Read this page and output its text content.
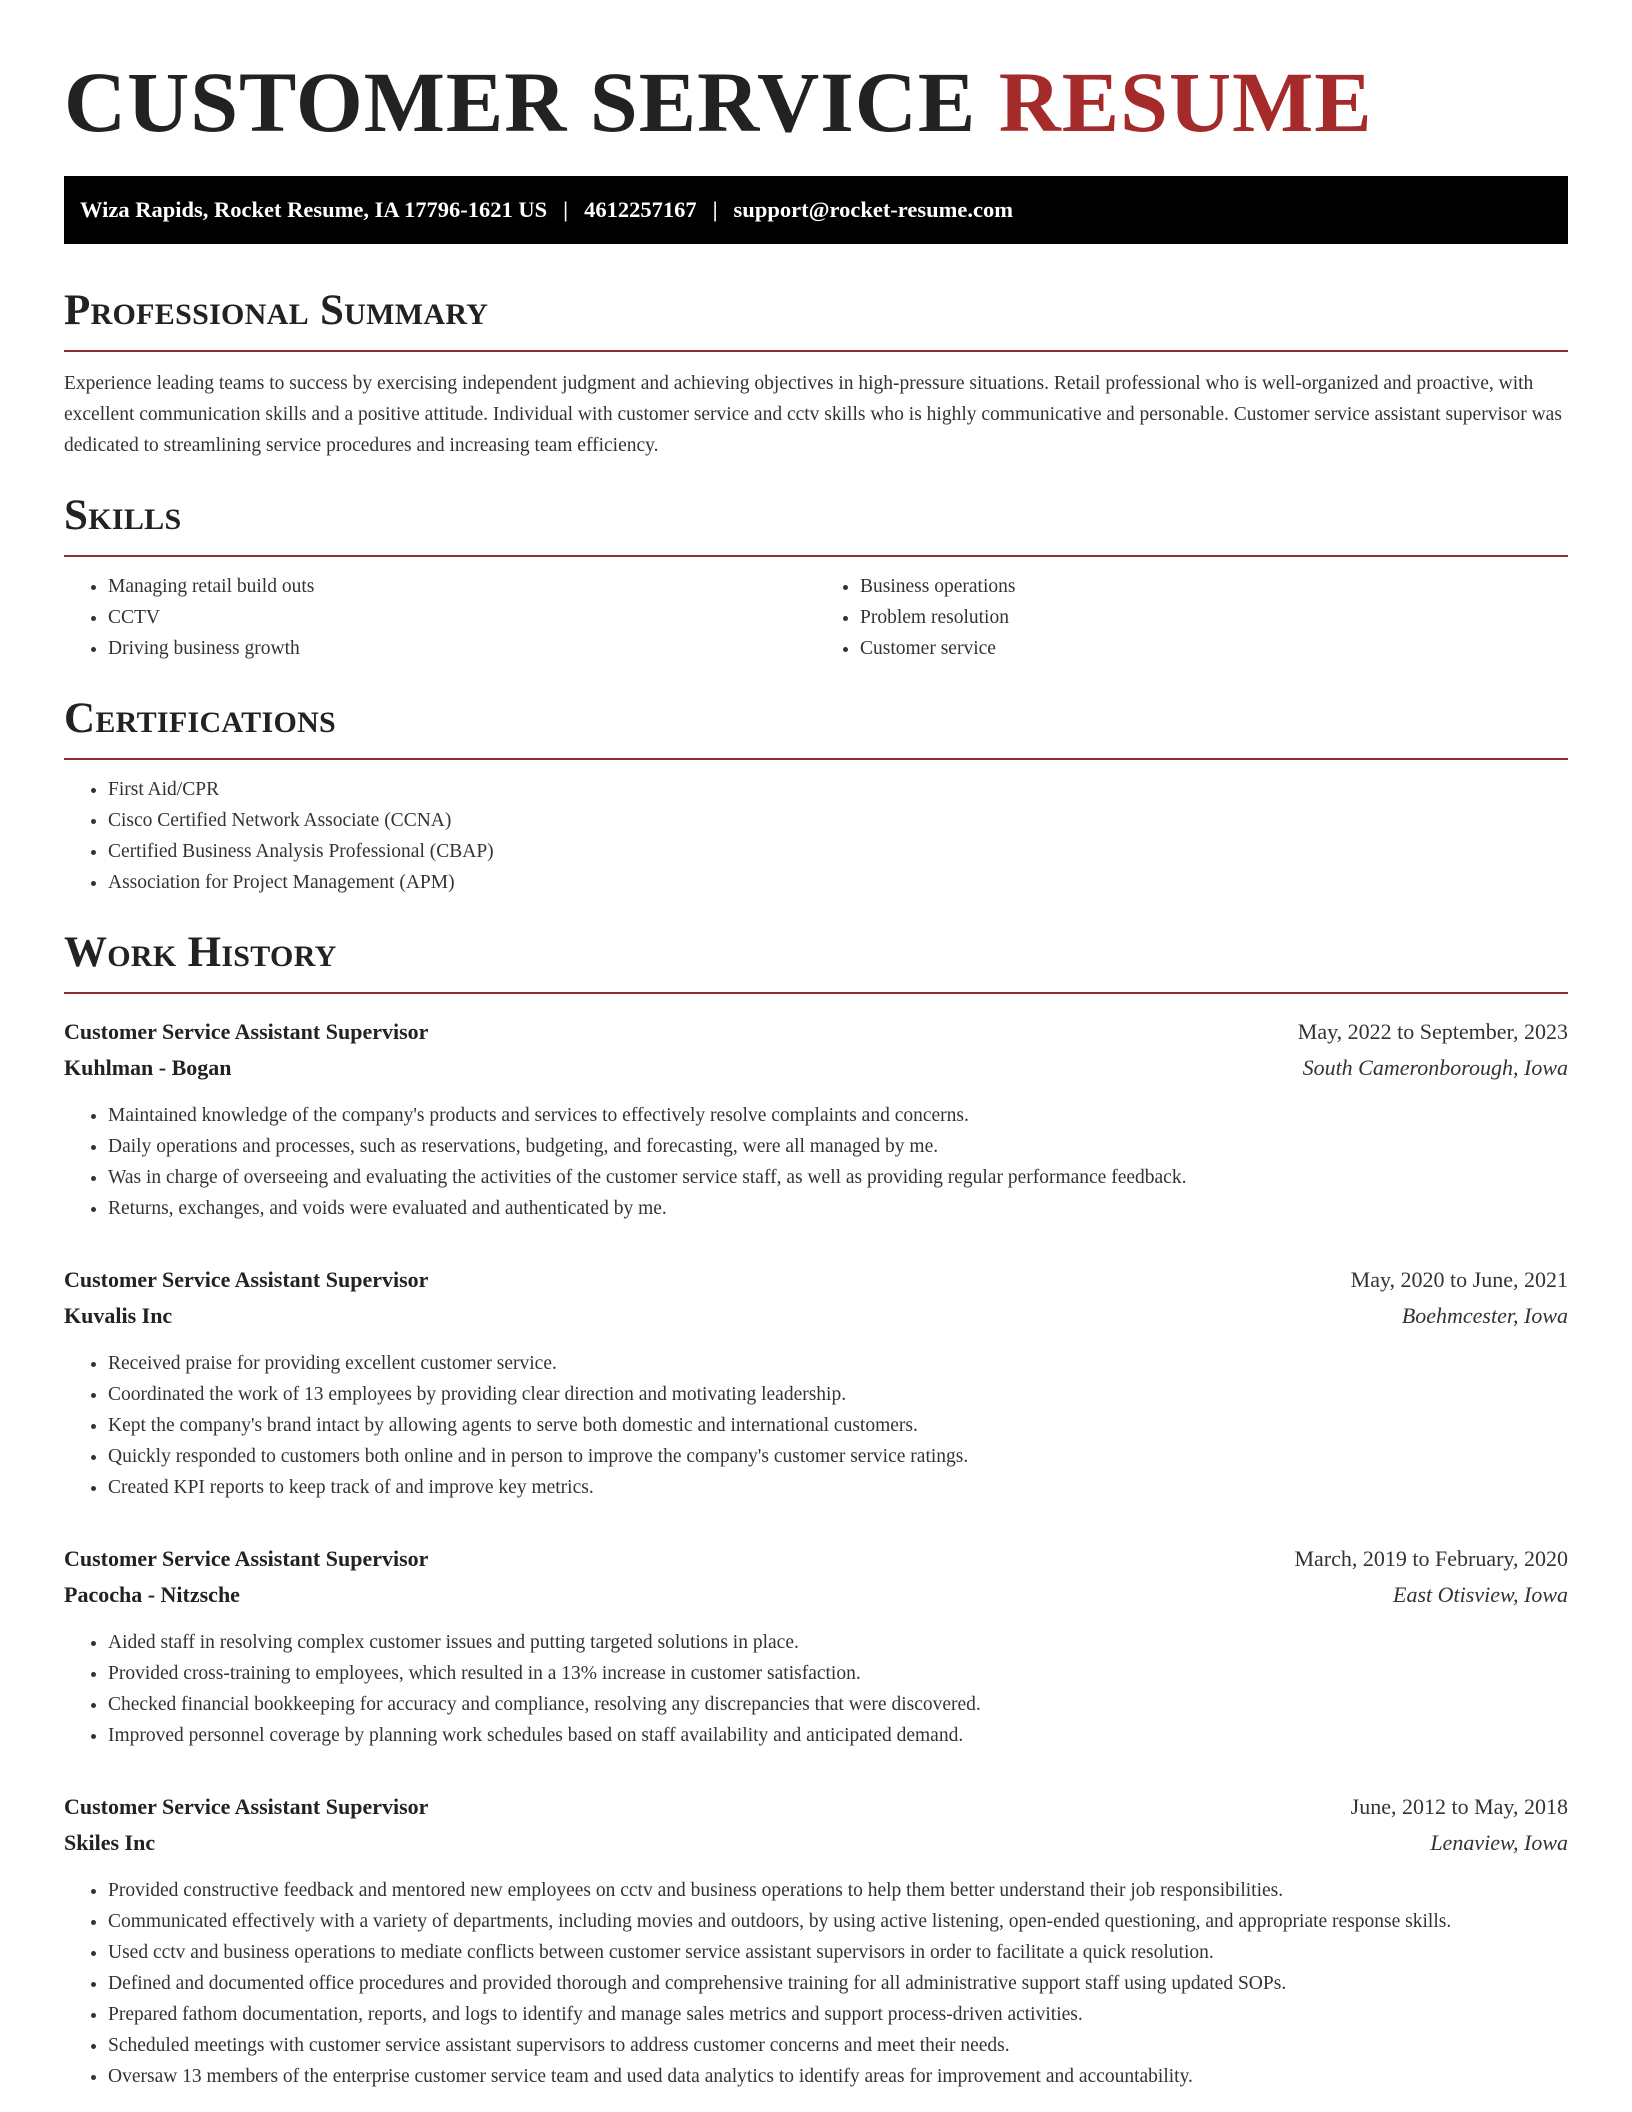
CUSTOMER SERVICE RESUME
Wiza Rapids, Rocket Resume, IA 17796-1621 US | 4612257167 | support@rocket-resume.com
Professional Summary

Experience leading teams to success by exercising independent judgment and achieving objectives in high-pressure situations. Retail professional who is well-organized and proactive, with excellent communication skills and a positive attitude. Individual with customer service and cctv skills who is highly communicative and personable. Customer service assistant supervisor was dedicated to streamlining service procedures and increasing team efficiency.

Skills
• Managing retail build outs
• CCTV
• Driving business growth
• Business operations
• Problem resolution
• Customer service
Certifications
• First Aid/CPR
• Cisco Certified Network Associate (CCNA)
• Certified Business Analysis Professional (CBAP)
• Association for Project Management (APM)
Work History
Customer Service Assistant Supervisor	May, 2022 to September, 2023
Kuhlman - Bogan	South Cameronborough, Iowa
• Maintained knowledge of the company's products and services to effectively resolve complaints and concerns.
• Daily operations and processes, such as reservations, budgeting, and forecasting, were all managed by me.
• Was in charge of overseeing and evaluating the activities of the customer service staff, as well as providing regular performance feedback.
• Returns, exchanges, and voids were evaluated and authenticated by me.
Customer Service Assistant Supervisor	May, 2020 to June, 2021
Kuvalis Inc	Boehmcester, Iowa
• Received praise for providing excellent customer service.
• Coordinated the work of 13 employees by providing clear direction and motivating leadership.
• Kept the company's brand intact by allowing agents to serve both domestic and international customers.
• Quickly responded to customers both online and in person to improve the company's customer service ratings.
• Created KPI reports to keep track of and improve key metrics.
Customer Service Assistant Supervisor	March, 2019 to February, 2020
Pacocha - Nitzsche	East Otisview, Iowa
• Aided staff in resolving complex customer issues and putting targeted solutions in place.
• Provided cross-training to employees, which resulted in a 13% increase in customer satisfaction.
• Checked financial bookkeeping for accuracy and compliance, resolving any discrepancies that were discovered.
• Improved personnel coverage by planning work schedules based on staff availability and anticipated demand.
Customer Service Assistant Supervisor	June, 2012 to May, 2018
Skiles Inc	Lenaview, Iowa
• Provided constructive feedback and mentored new employees on cctv and business operations to help them better understand their job responsibilities.
• Communicated effectively with a variety of departments, including movies and outdoors, by using active listening, open-ended questioning, and appropriate response skills.
• Used cctv and business operations to mediate conflicts between customer service assistant supervisors in order to facilitate a quick resolution.
• Defined and documented office procedures and provided thorough and comprehensive training for all administrative support staff using updated SOPs.
• Prepared fathom documentation, reports, and logs to identify and manage sales metrics and support process-driven activities.
• Scheduled meetings with customer service assistant supervisors to address customer concerns and meet their needs.
• Oversaw 13 members of the enterprise customer service team and used data analytics to identify areas for improvement and accountability.
